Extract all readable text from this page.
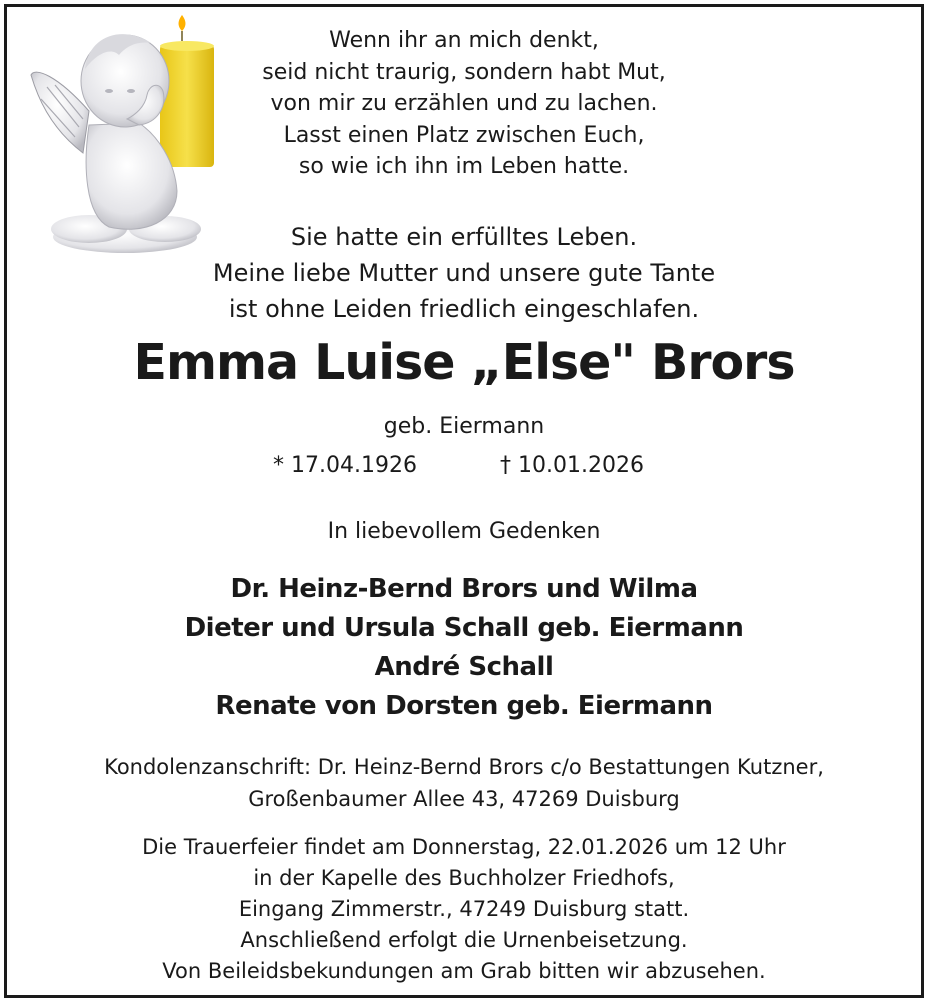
Wenn ihr an mich denkt,
seid nicht traurig, sondern habt Mut,
von mir zu erzählen und zu lachen.
Lasst einen Platz zwischen Euch,
so wie ich ihn im Leben hatte.
Sie hatte ein erfülltes Leben.
Meine liebe Mutter und unsere gute Tante
ist ohne Leiden friedlich eingeschlafen.
Emma Luise „Else" Brors
geb. Eiermann
* 17.04.1926	† 10.01.2026
In liebevollem Gedenken
Dr. Heinz-Bernd Brors und Wilma
Dieter und Ursula Schall geb. Eiermann
André Schall
Renate von Dorsten geb. Eiermann
Kondolenzanschrift: Dr. Heinz-Bernd Brors c/o Bestattungen Kutzner,
Großenbaumer Allee 43, 47269 Duisburg
Die Trauerfeier findet am Donnerstag, 22.01.2026 um 12 Uhr
in der Kapelle des Buchholzer Friedhofs,
Eingang Zimmerstr., 47249 Duisburg statt.
Anschließend erfolgt die Urnenbeisetzung.
Von Beileidsbekundungen am Grab bitten wir abzusehen.
